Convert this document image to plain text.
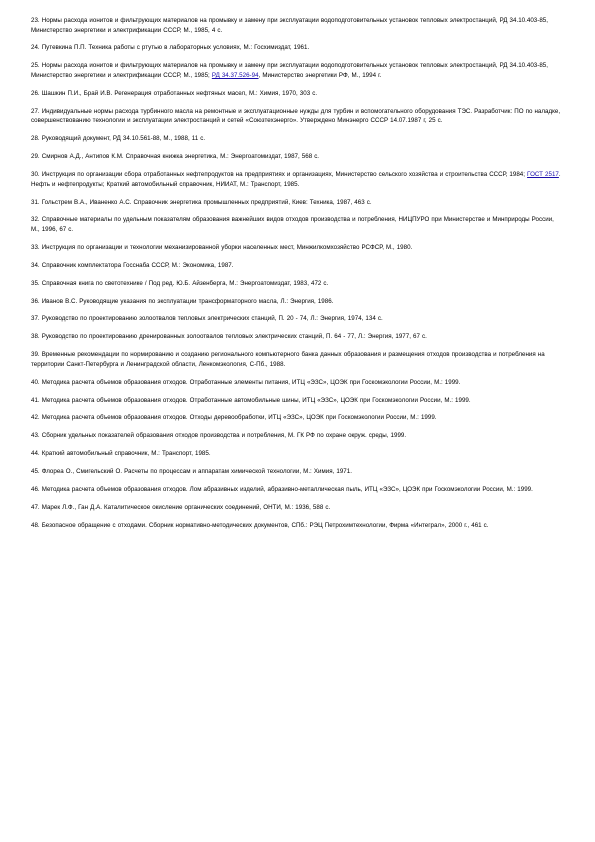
23. Нормы расхода ионитов и фильтрующих материалов на промывку и замену при эксплуатации водоподготовительных установок тепловых электростанций, РД 34.10.403-85, Министерство энергетики и электрификации СССР, М., 1985, 4 с.

24. Путевкина П.П. Техника работы с ртутью в лабораторных условиях, М.: Госхимиздат, 1961.

25. Нормы расхода ионитов и фильтрующих материалов на промывку и замену при эксплуатации водоподготовительных установок тепловых электростанций, РД 34.10.403-85, Министерство энергетики и электрификации СССР, М., 1985; РД 34.37.526-94, Министерство энергетики РФ, М., 1994 г.

26. Шашкин П.И., Брай И.В. Регенерация отработанных нефтяных масел, М.: Химия, 1970, 303 с.

27. Индивидуальные нормы расхода турбинного масла на ремонтные и эксплуатационные нужды для турбин и вспомогательного оборудования ТЭС. Разработчик: ПО по наладке, совершенствованию технологии и эксплуатации электростанций и сетей «Союзтехэнерго». Утверждено Минэнерго СССР 14.07.1987 г, 25 с.

28. Руководящий документ, РД 34.10.561-88, М., 1988, 11 с.

29. Смирнов А.Д., Антипов К.М. Справочная книжка энергетика, М.: Энергоатомиздат, 1987, 568 с.

30. Инструкция по организации сбора отработанных нефтепродуктов на предприятиях и организациях, Министерство сельского хозяйства и строительства СССР, 1984; ГОСТ 2517. Нефть и нефтепродукты; Краткий автомобильный справочник, НИИАТ, М.: Транспорт, 1985.

31. Гольстрем В.А., Иваненко А.С. Справочник энергетика промышленных предприятий, Киев: Техника, 1987, 463 с.

32. Справочные материалы по удельным показателям образования важнейших видов отходов производства и потребления, НИЦПУРО при Министерстве и Минприроды России, М., 1996, 67 с.

33. Инструкция по организации и технологии механизированной уборки населенных мест, Минжилкомхозяйство РСФСР, М., 1980.

34. Справочник комплектатора Госснаба СССР, М.: Экономика, 1987.

35. Справочная книга по светотехнике / Под ред. Ю.Б. Айзенберга, М.: Энергоатомиздат, 1983, 472 с.

36. Иванов В.С. Руководящие указания по эксплуатации трансформаторного масла, Л.: Энергия, 1986.

37. Руководство по проектированию золоотвалов тепловых электрических станций, П. 20 - 74, Л.: Энергия, 1974, 134 с.

38. Руководство по проектированию дренированных золоотвалов тепловых электрических станций, П. 64 - 77, Л.: Энергия, 1977, 67 с.

39. Временные рекомендации по нормированию и созданию регионального компьютерного банка данных образования и размещения отходов производства и потребления на территории Санкт-Петербурга и Ленинградской области, Ленкомэкология, С-Пб., 1988.

40. Методика расчета объемов образования отходов. Отработанные элементы питания, ИТЦ «ЭЗС», ЦОЭК при Госкомэкологии России, М.: 1999.

41. Методика расчета объемов образования отходов. Отработанные автомобильные шины, ИТЦ «ЭЗС», ЦОЭК при Госкомэкологии России, М.: 1999.

42. Методика расчета объемов образования отходов. Отходы деревообработки, ИТЦ «ЭЗС», ЦОЭК при Госкомэкологии России, М.: 1999.

43. Сборник удельных показателей образования отходов производства и потребления, М. ГК РФ по охране окруж. среды, 1999.

44. Краткий автомобильный справочник, М.: Транспорт, 1985.

45. Флореа О., Смигельский О. Расчеты по процессам и аппаратам химической технологии, М.: Химия, 1971.

46. Методика расчета объемов образования отходов. Лом абразивных изделий, абразивно-металлическая пыль, ИТЦ «ЭЗС», ЦОЭК при Госкомэкологии России, М.: 1999.

47. Марек Л.Ф., Ган Д.А. Каталитическое окисление органических соединений, ОНТИ, М.: 1936, 588 с.

48. Безопасное обращение с отходами. Сборник нормативно-методических документов, СПб.: РЭЦ Петрохимтехнологии, Фирма «Интеграл», 2000 г., 461 с.
